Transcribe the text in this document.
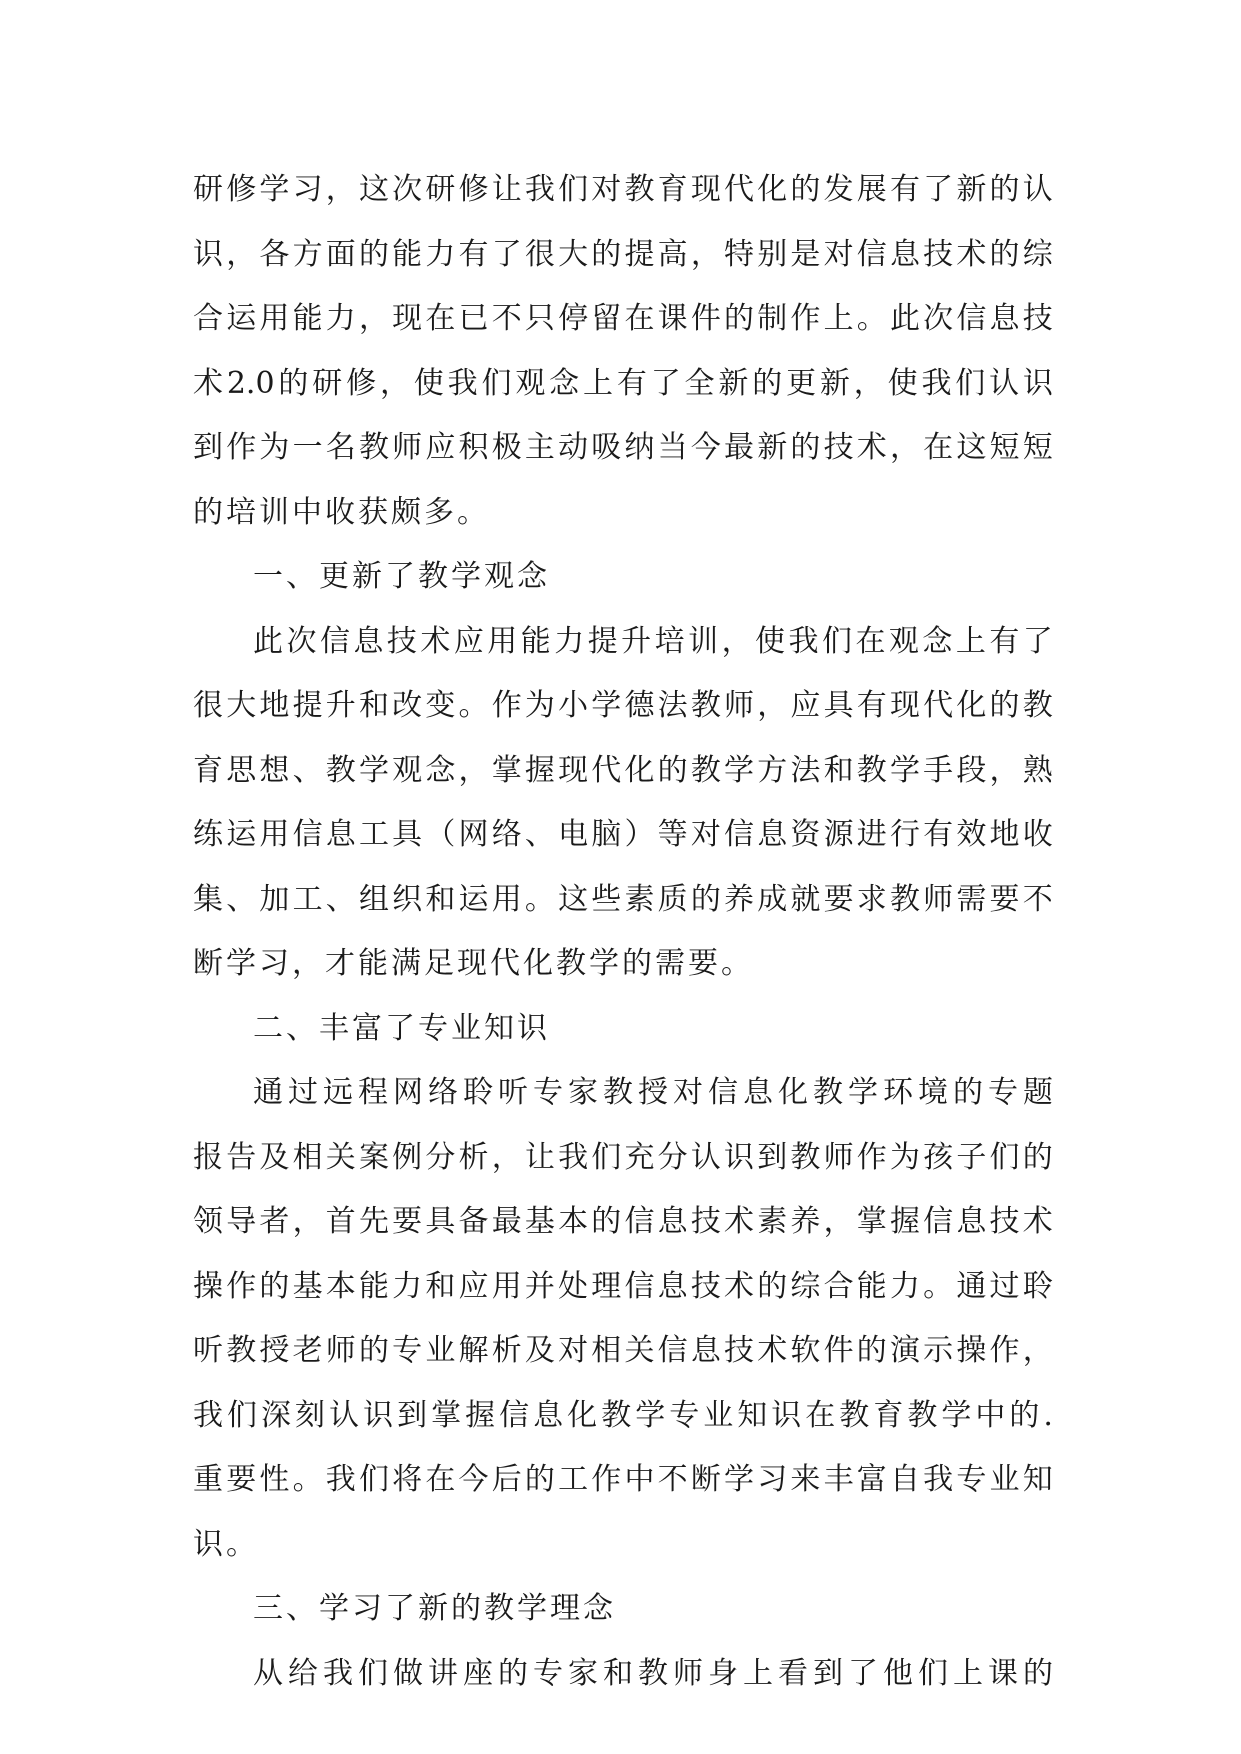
研 修 学 习 ， 这 次 研 修 让 我 们 对 教 育 现 代 化 的 发 展 有 了 新 的 认
识 ， 各 方 面 的 能 力 有 了 很 大 的 提 高 ， 特 别 是 对 信 息 技 术 的 综
合 运 用 能 力 ， 现 在 已 不 只 停 留 在 课 件 的 制 作 上 。 此 次 信 息 技
术 2.0 的 研 修 ， 使 我 们 观 念 上 有 了 全 新 的 更 新 ， 使 我 们 认 识
到 作 为 一 名 教 师 应 积 极 主 动 吸 纳 当 今 最 新 的 技 术 ， 在 这 短 短
的培训中收获颇多。
一、更新了教学观念
此 次 信 息 技 术 应 用 能 力 提 升 培 训 ， 使 我 们 在 观 念 上 有 了
很 大 地 提 升 和 改 变 。 作 为 小 学 德 法 教 师 ， 应 具 有 现 代 化 的 教
育 思 想 、 教 学 观 念 ， 掌 握 现 代 化 的 教 学 方 法 和 教 学 手 段 ， 熟
练 运 用 信 息 工 具 （ 网 络 、 电 脑 ） 等 对 信 息 资 源 进 行 有 效 地 收
集 、 加 工 、 组 织 和 运 用 。 这 些 素 质 的 养 成 就 要 求 教 师 需 要 不
断学习，才能满足现代化教学的需要。
二、丰富了专业知识
通 过 远 程 网 络 聆 听 专 家 教 授 对 信 息 化 教 学 环 境 的 专 题
报 告 及 相 关 案 例 分 析 ， 让 我 们 充 分 认 识 到 教 师 作 为 孩 子 们 的
领 导 者 ， 首 先 要 具 备 最 基 本 的 信 息 技 术 素 养 ， 掌 握 信 息 技 术
操 作 的 基 本 能 力 和 应 用 并 处 理 信 息 技 术 的 综 合 能 力 。 通 过 聆
听 教 授 老 师 的 专 业 解 析 及 对 相 关 信 息 技 术 软 件 的 演 示 操 作 ，
我 们 深 刻 认 识 到 掌 握 信 息 化 教 学 专 业 知 识 在 教 育 教 学 中 的 .
重 要 性 。 我 们 将 在 今 后 的 工 作 中 不 断 学 习 来 丰 富 自 我 专 业 知
识。
三、学习了新的教学理念
从 给 我 们 做 讲 座 的 专 家 和 教 师 身 上 看 到 了 他 们 上 课 的
